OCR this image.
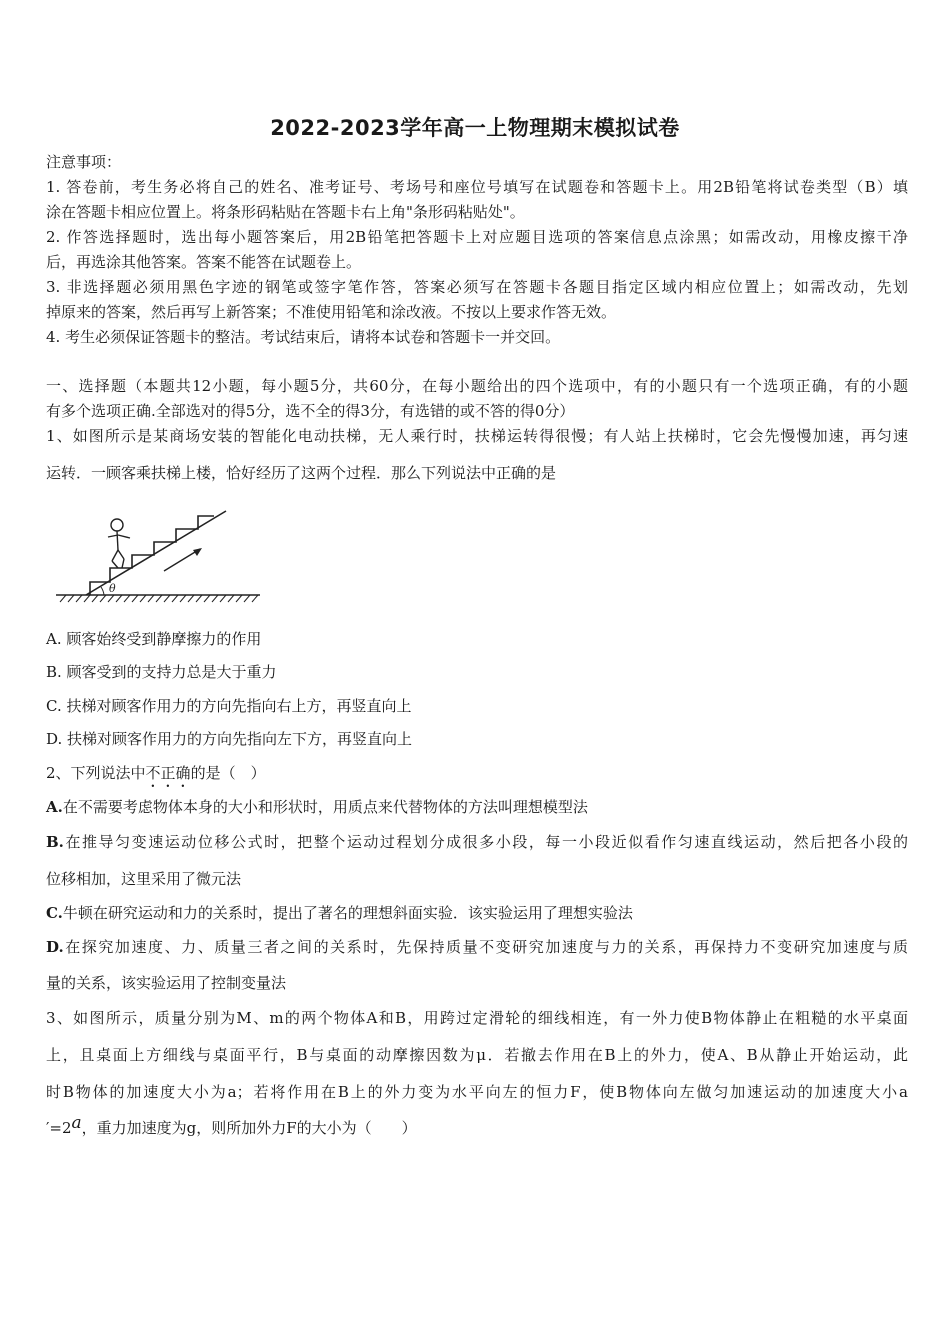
2022-2023学年高一上物理期末模拟试卷
注意事项：
1. 答卷前，考生务必将自己的姓名、准考证号、考场号和座位号填写在试题卷和答题卡上。用2B铅笔将试卷类型（B）填
涂在答题卡相应位置上。将条形码粘贴在答题卡右上角"条形码粘贴处"。
2. 作答选择题时，选出每小题答案后，用2B铅笔把答题卡上对应题目选项的答案信息点涂黑；如需改动，用橡皮擦干净
后，再选涂其他答案。答案不能答在试题卷上。
3. 非选择题必须用黑色字迹的钢笔或签字笔作答，答案必须写在答题卡各题目指定区域内相应位置上；如需改动，先划
掉原来的答案，然后再写上新答案；不准使用铅笔和涂改液。不按以上要求作答无效。
4. 考生必须保证答题卡的整洁。考试结束后，请将本试卷和答题卡一并交回。
一、选择题（本题共12小题，每小题5分，共60分，在每小题给出的四个选项中，有的小题只有一个选项正确，有的小题
有多个选项正确.全部选对的得5分，选不全的得3分，有选错的或不答的得0分）
1、如图所示是某商场安装的智能化电动扶梯，无人乘行时，扶梯运转得很慢；有人站上扶梯时，它会先慢慢加速，再匀速
运转．一顾客乘扶梯上楼，恰好经历了这两个过程．那么下列说法中正确的是
θ
A. 顾客始终受到静摩擦力的作用
B. 顾客受到的支持力总是大于重力
C. 扶梯对顾客作用力的方向先指向右上方，再竖直向上
D. 扶梯对顾客作用力的方向先指向左下方，再竖直向上
2、下列说法中不正确的是（　）
A.在不需要考虑物体本身的大小和形状时，用质点来代替物体的方法叫理想模型法
B.在推导匀变速运动位移公式时，把整个运动过程划分成很多小段，每一小段近似看作匀速直线运动，然后把各小段的
位移相加，这里采用了微元法
C.牛顿在研究运动和力的关系时，提出了著名的理想斜面实验．该实验运用了理想实验法
D.在探究加速度、力、质量三者之间的关系时，先保持质量不变研究加速度与力的关系，再保持力不变研究加速度与质
量的关系，该实验运用了控制变量法
3、如图所示，质量分别为M、m的两个物体A和B，用跨过定滑轮的细线相连，有一外力使B物体静止在粗糙的水平桌面
上，且桌面上方细线与桌面平行，B与桌面的动摩擦因数为μ．若撤去作用在B上的外力，使A、B从静止开始运动，此
时B物体的加速度大小为a；若将作用在B上的外力变为水平向左的恒力F，使B物体向左做匀加速运动的加速度大小a
′=2a，重力加速度为g，则所加外力F的大小为（　　）
